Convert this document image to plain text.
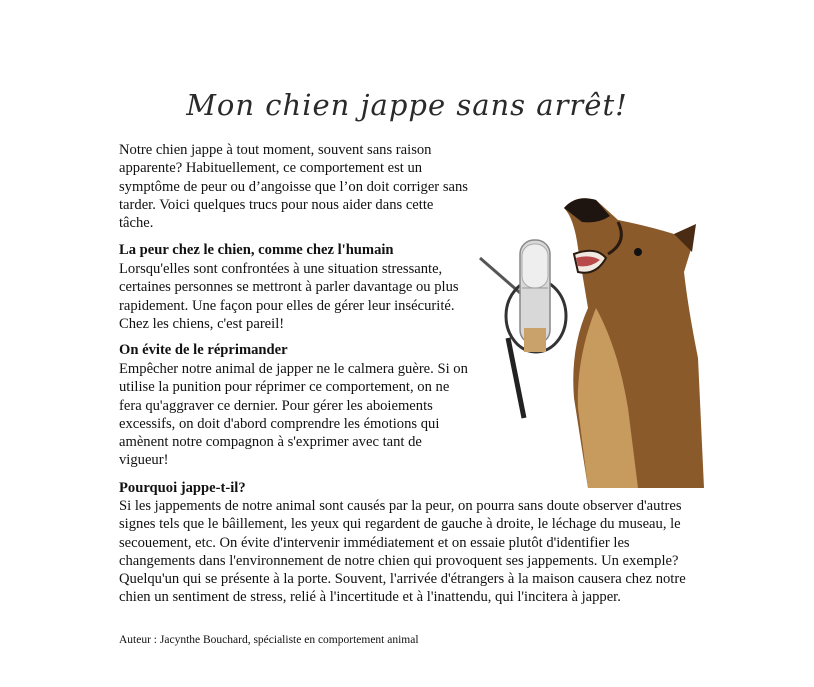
Mon chien jappe sans arrêt!

Notre chien jappe à tout moment, souvent sans raison apparente? Habituellement, ce comportement est un symptôme de peur ou d’angoisse que l’on doit corriger sans tarder. Voici quelques trucs pour nous aider dans cette tâche.

La peur chez le chien, comme chez l'humain

Lorsqu'elles sont confrontées à une situation stressante, certaines personnes se mettront à parler davantage ou plus rapidement. Une façon pour elles de gérer leur insécurité. Chez les chiens, c'est pareil!

On évite de le réprimander

Empêcher notre animal de japper ne le calmera guère. Si on utilise la punition pour réprimer ce comportement, on ne fera qu'aggraver ce dernier. Pour gérer les aboiements excessifs, on doit d'abord comprendre les émotions qui amènent notre compagnon à s'exprimer avec tant de vigueur!

Pourquoi jappe-t-il?

Si les jappements de notre animal sont causés par la peur, on pourra sans doute observer d'autres signes tels que le bâillement, les yeux qui regardent de gauche à droite, le léchage du museau, le secouement, etc. On évite d'intervenir immédiatement et on essaie plutôt d'identifier les changements dans l'environnement de notre chien qui provoquent ses jappements. Un exemple? Quelqu'un qui se présente à la porte. Souvent, l'arrivée d'étrangers à la maison causera chez notre chien un sentiment de stress, relié à l'incertitude et à l'inattendu, qui l'incitera à japper.

Auteur : Jacynthe Bouchard, spécialiste en comportement animal
